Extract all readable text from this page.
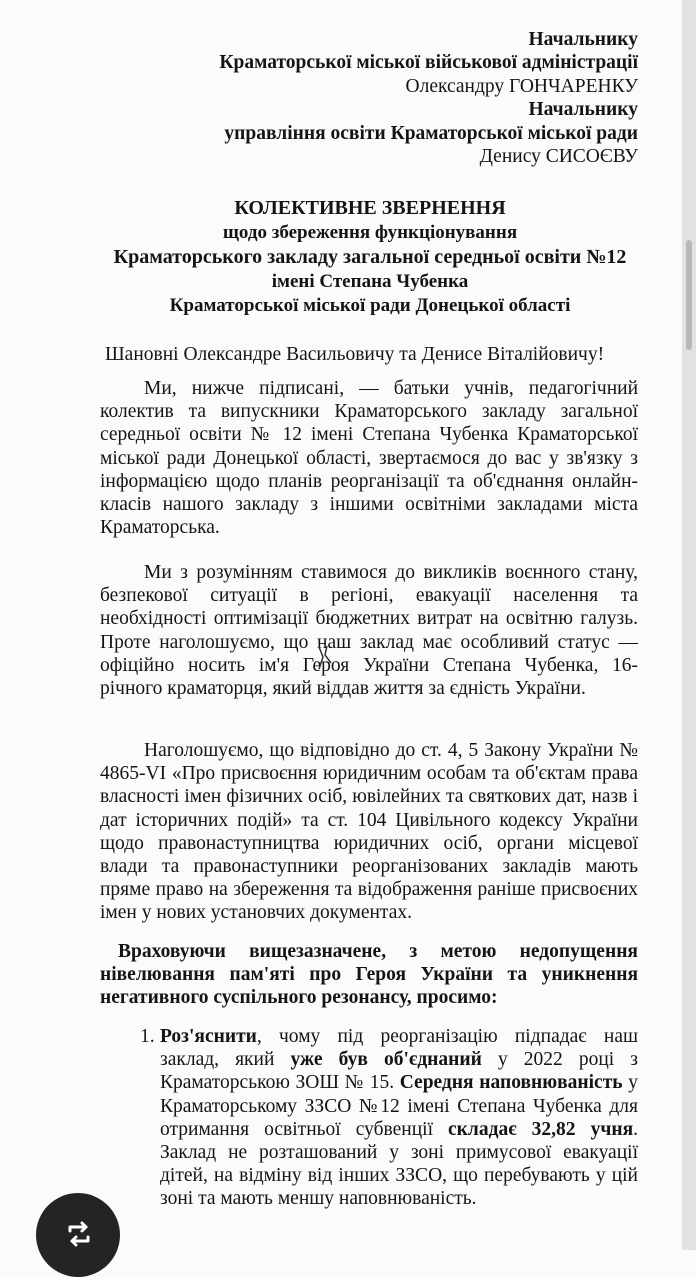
Начальнику
Краматорської міської військової адміністрації
Олександру ГОНЧАРЕНКУ
Начальнику
управління освіти Краматорської міської ради
Денису СИСОЄВУ
КОЛЕКТИВНЕ ЗВЕРНЕННЯ
щодо збереження функціонування
Краматорського закладу загальної середньої освіти №12
імені Степана Чубенка
Краматорської міської ради Донецької області
Шановні Олександре Васильовичу та Денисе Віталійовичу!
Ми, нижче підписані, — батьки учнів, педагогічний колектив та випускники Краматорського закладу загальної середньої освіти № 12 імені Степана Чубенка Краматорської міської ради Донецької області, звертаємося до вас у зв'язку з інформацією щодо планів реорганізації та об'єднання онлайн-класів нашого закладу з іншими освітніми закладами міста Краматорська.
Ми з розумінням ставимося до викликів воєнного стану, безпекової ситуації в регіоні, евакуації населення та необхідності оптимізації бюджетних витрат на освітню галузь. Проте наголошуємо, що наш заклад має особливий статус — офіційно носить ім'я Героя України Степана Чубенка, 16-річного краматорця, який віддав життя за єдність України.
Наголошуємо, що відповідно до ст. 4, 5 Закону України № 4865-VI «Про присвоєння юридичним особам та об'єктам права власності імен фізичних осіб, ювілейних та святкових дат, назв і дат історичних подій» та ст. 104 Цивільного кодексу України щодо правонаступництва юридичних осіб, органи місцевої влади та правонаступники реорганізованих закладів мають пряме право на збереження та відображення раніше присвоєних імен у нових установчих документах.
Враховуючи вищезазначене, з метою недопущення нівелювання пам'яті про Героя України та уникнення негативного суспільного резонансу, просимо:
1. Роз'яснити, чому під реорганізацію підпадає наш заклад, який уже був об'єднаний у 2022 році з Краматорською ЗОШ № 15. Середня наповнюваність у Краматорському ЗЗСО №12 імені Степана Чубенка для отримання освітньої субвенції складає 32,82 учня. Заклад не розташований у зоні примусової евакуації дітей, на відміну від інших ЗЗСО, що перебувають у цій зоні та мають меншу наповнюваність.
